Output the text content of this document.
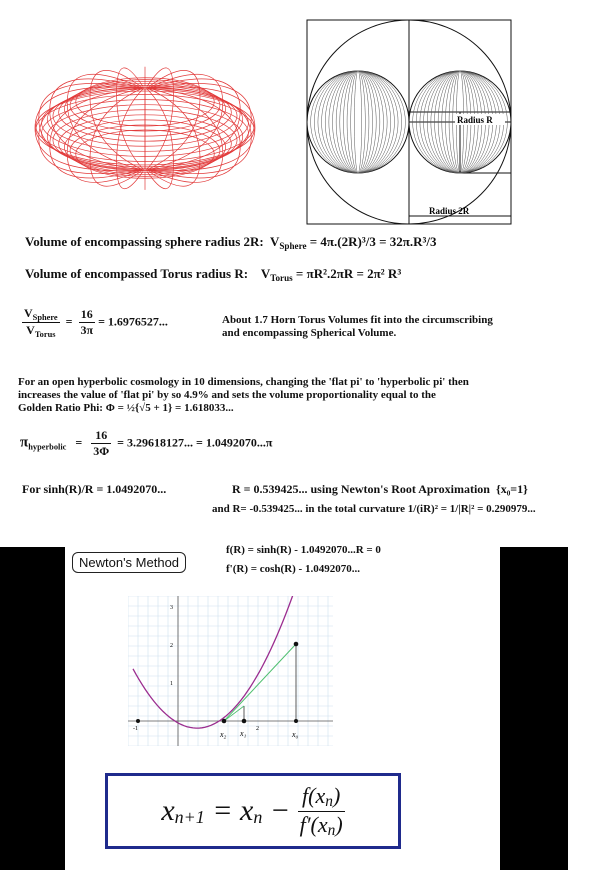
Radius R
Radius 2R
Volume of encompassing sphere radius 2R: $V_{Sphere} = 4\pi.(2R)^3/3 = 32\pi.R^3/3$
Volume of encompassed Torus radius R: $V_{Torus} = \pi R^2.2\pi R = 2\pi^2$ R³
$\frac{V_{Sphere}}{V_{Torus}} = \frac{16}{3\pi} = 1.6976527$...	About 1.7 Horn Torus Volumes fit into the circumscribing
and encompassing Spherical Volume.
For an open hyperbolic cosmology in 10 dimensions, changing the 'flat pi' to 'hyperbolic pi' then
increases the value of 'flat pi' by so 4.9% and sets the volume proportionality equal to the
Golden Ratio Phi: Φ = ½{√5 + 1} = 1.618033...
$\pi_{hyperbolic} = \frac{16}{3\Phi} = 3.29618127$... = 1.0492070...π
For sinh(R)/R = 1.0492070...	R = 0.539425... using Newton's Root Aproximation {x₀=1}
and R= -0.539425... in the total curvature 1/(iR)² = 1/|R|² = 0.290979...
Newton's Method
f(R) = sinh(R) - 1.0492070...R = 0
f'(R) = cosh(R) - 1.0492070...
3
2
1
-1	2
x₂ x₁	x₀
$x_{n+1} = x_n - \frac{f(x_n)}{f'(x_n)}$
